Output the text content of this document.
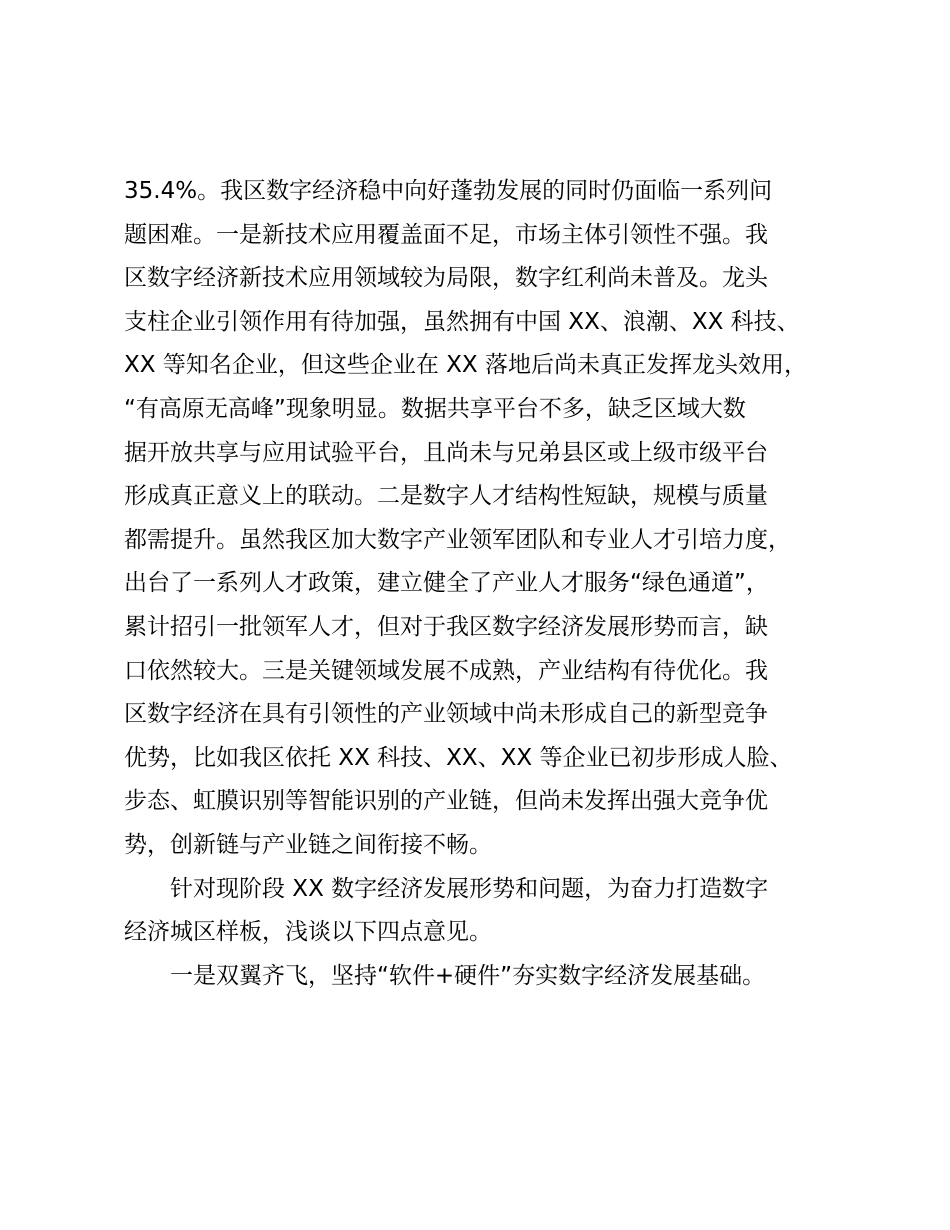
35.4%。我区数字经济稳中向好蓬勃发展的同时仍面临一系列问
题困难。一是新技术应用覆盖面不足，市场主体引领性不强。我
区数字经济新技术应用领域较为局限，数字红利尚未普及。龙头
支柱企业引领作用有待加强，虽然拥有中国 XX、浪潮、XX 科技、
XX 等知名企业，但这些企业在 XX 落地后尚未真正发挥龙头效用，
“有高原无高峰”现象明显。数据共享平台不多，缺乏区域大数
据开放共享与应用试验平台，且尚未与兄弟县区或上级市级平台
形成真正意义上的联动。二是数字人才结构性短缺，规模与质量
都需提升。虽然我区加大数字产业领军团队和专业人才引培力度，
出台了一系列人才政策，建立健全了产业人才服务“绿色通道”，
累计招引一批领军人才，但对于我区数字经济发展形势而言，缺
口依然较大。三是关键领域发展不成熟，产业结构有待优化。我
区数字经济在具有引领性的产业领域中尚未形成自己的新型竞争
优势，比如我区依托 XX 科技、XX、XX 等企业已初步形成人脸、
步态、虹膜识别等智能识别的产业链，但尚未发挥出强大竞争优
势，创新链与产业链之间衔接不畅。
针对现阶段 XX 数字经济发展形势和问题，为奋力打造数字
经济城区样板，浅谈以下四点意见。
一是双翼齐飞，坚持“软件+硬件”夯实数字经济发展基础。
